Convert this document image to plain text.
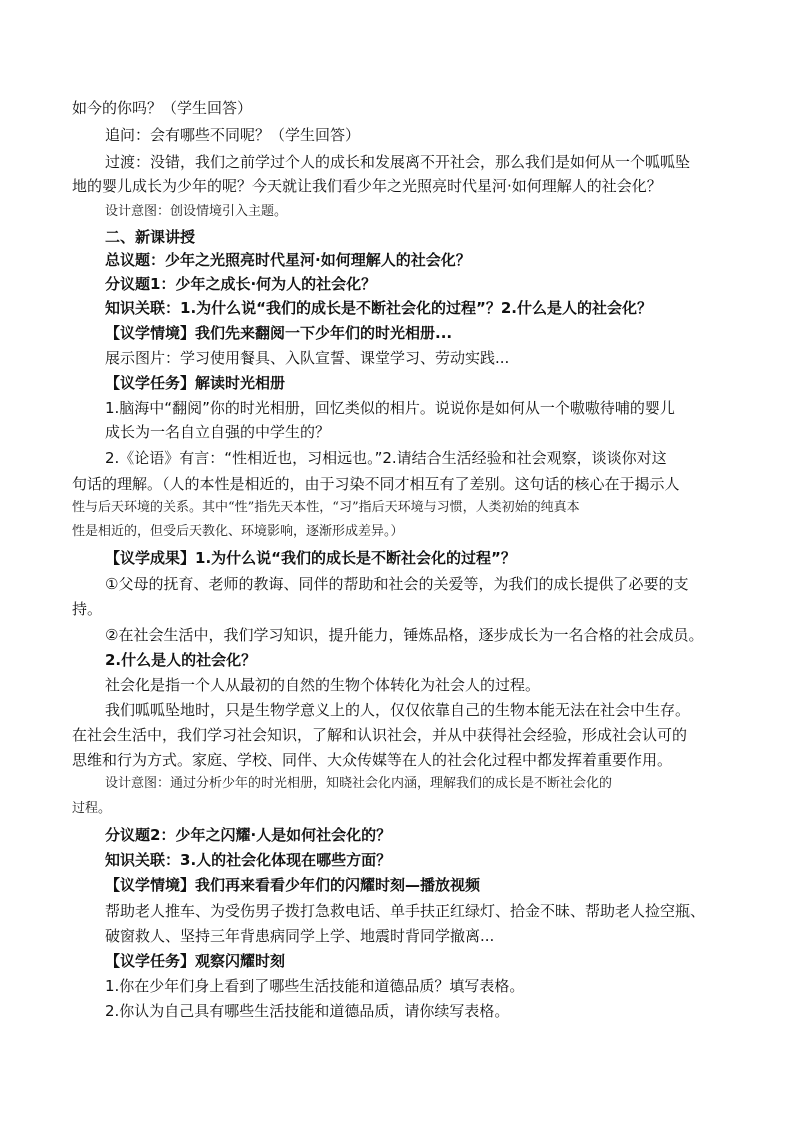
如今的你吗？（学生回答）
追问：会有哪些不同呢？（学生回答）
过渡：没错，我们之前学过个人的成长和发展离不开社会，那么我们是如何从一个呱呱坠
地的婴儿成长为少年的呢？今天就让我们看少年之光照亮时代星河·如何理解人的社会化？
设计意图：创设情境引入主题。
二、新课讲授
总议题：少年之光照亮时代星河·如何理解人的社会化？
分议题1：少年之成长·何为人的社会化？
知识关联：1.为什么说“我们的成长是不断社会化的过程”？2.什么是人的社会化？
【议学情境】我们先来翻阅一下少年们的时光相册...
展示图片：学习使用餐具、入队宣誓、课堂学习、劳动实践...
【议学任务】解读时光相册
1.脑海中“翻阅”你的时光相册，回忆类似的相片。说说你是如何从一个嗷嗷待哺的婴儿
成长为一名自立自强的中学生的？
2.《论语》有言：“性相近也，习相远也。”2.请结合生活经验和社会观察，谈谈你对这
句话的理解。（人的本性是相近的，由于习染不同才相互有了差别。这句话的核心在于揭示人
性与后天环境的关系。其中“性”指先天本性，“习”指后天环境与习惯，人类初始的纯真本
性是相近的，但受后天教化、环境影响，逐渐形成差异。）
【议学成果】1.为什么说“我们的成长是不断社会化的过程”？
①父母的抚育、老师的教诲、同伴的帮助和社会的关爱等，为我们的成长提供了必要的支
持。
②在社会生活中，我们学习知识，提升能力，锤炼品格，逐步成长为一名合格的社会成员。
2.什么是人的社会化？
社会化是指一个人从最初的自然的生物个体转化为社会人的过程。
我们呱呱坠地时，只是生物学意义上的人，仅仅依靠自己的生物本能无法在社会中生存。
在社会生活中，我们学习社会知识，了解和认识社会，并从中获得社会经验，形成社会认可的
思维和行为方式。家庭、学校、同伴、大众传媒等在人的社会化过程中都发挥着重要作用。
设计意图：通过分析少年的时光相册，知晓社会化内涵，理解我们的成长是不断社会化的
过程。
分议题2：少年之闪耀·人是如何社会化的？
知识关联：3.人的社会化体现在哪些方面？
【议学情境】我们再来看看少年们的闪耀时刻—播放视频
帮助老人推车、为受伤男子拨打急救电话、单手扶正红绿灯、拾金不昧、帮助老人捡空瓶、
破窗救人、坚持三年背患病同学上学、地震时背同学撤离...
【议学任务】观察闪耀时刻
1.你在少年们身上看到了哪些生活技能和道德品质？填写表格。
2.你认为自己具有哪些生活技能和道德品质，请你续写表格。
